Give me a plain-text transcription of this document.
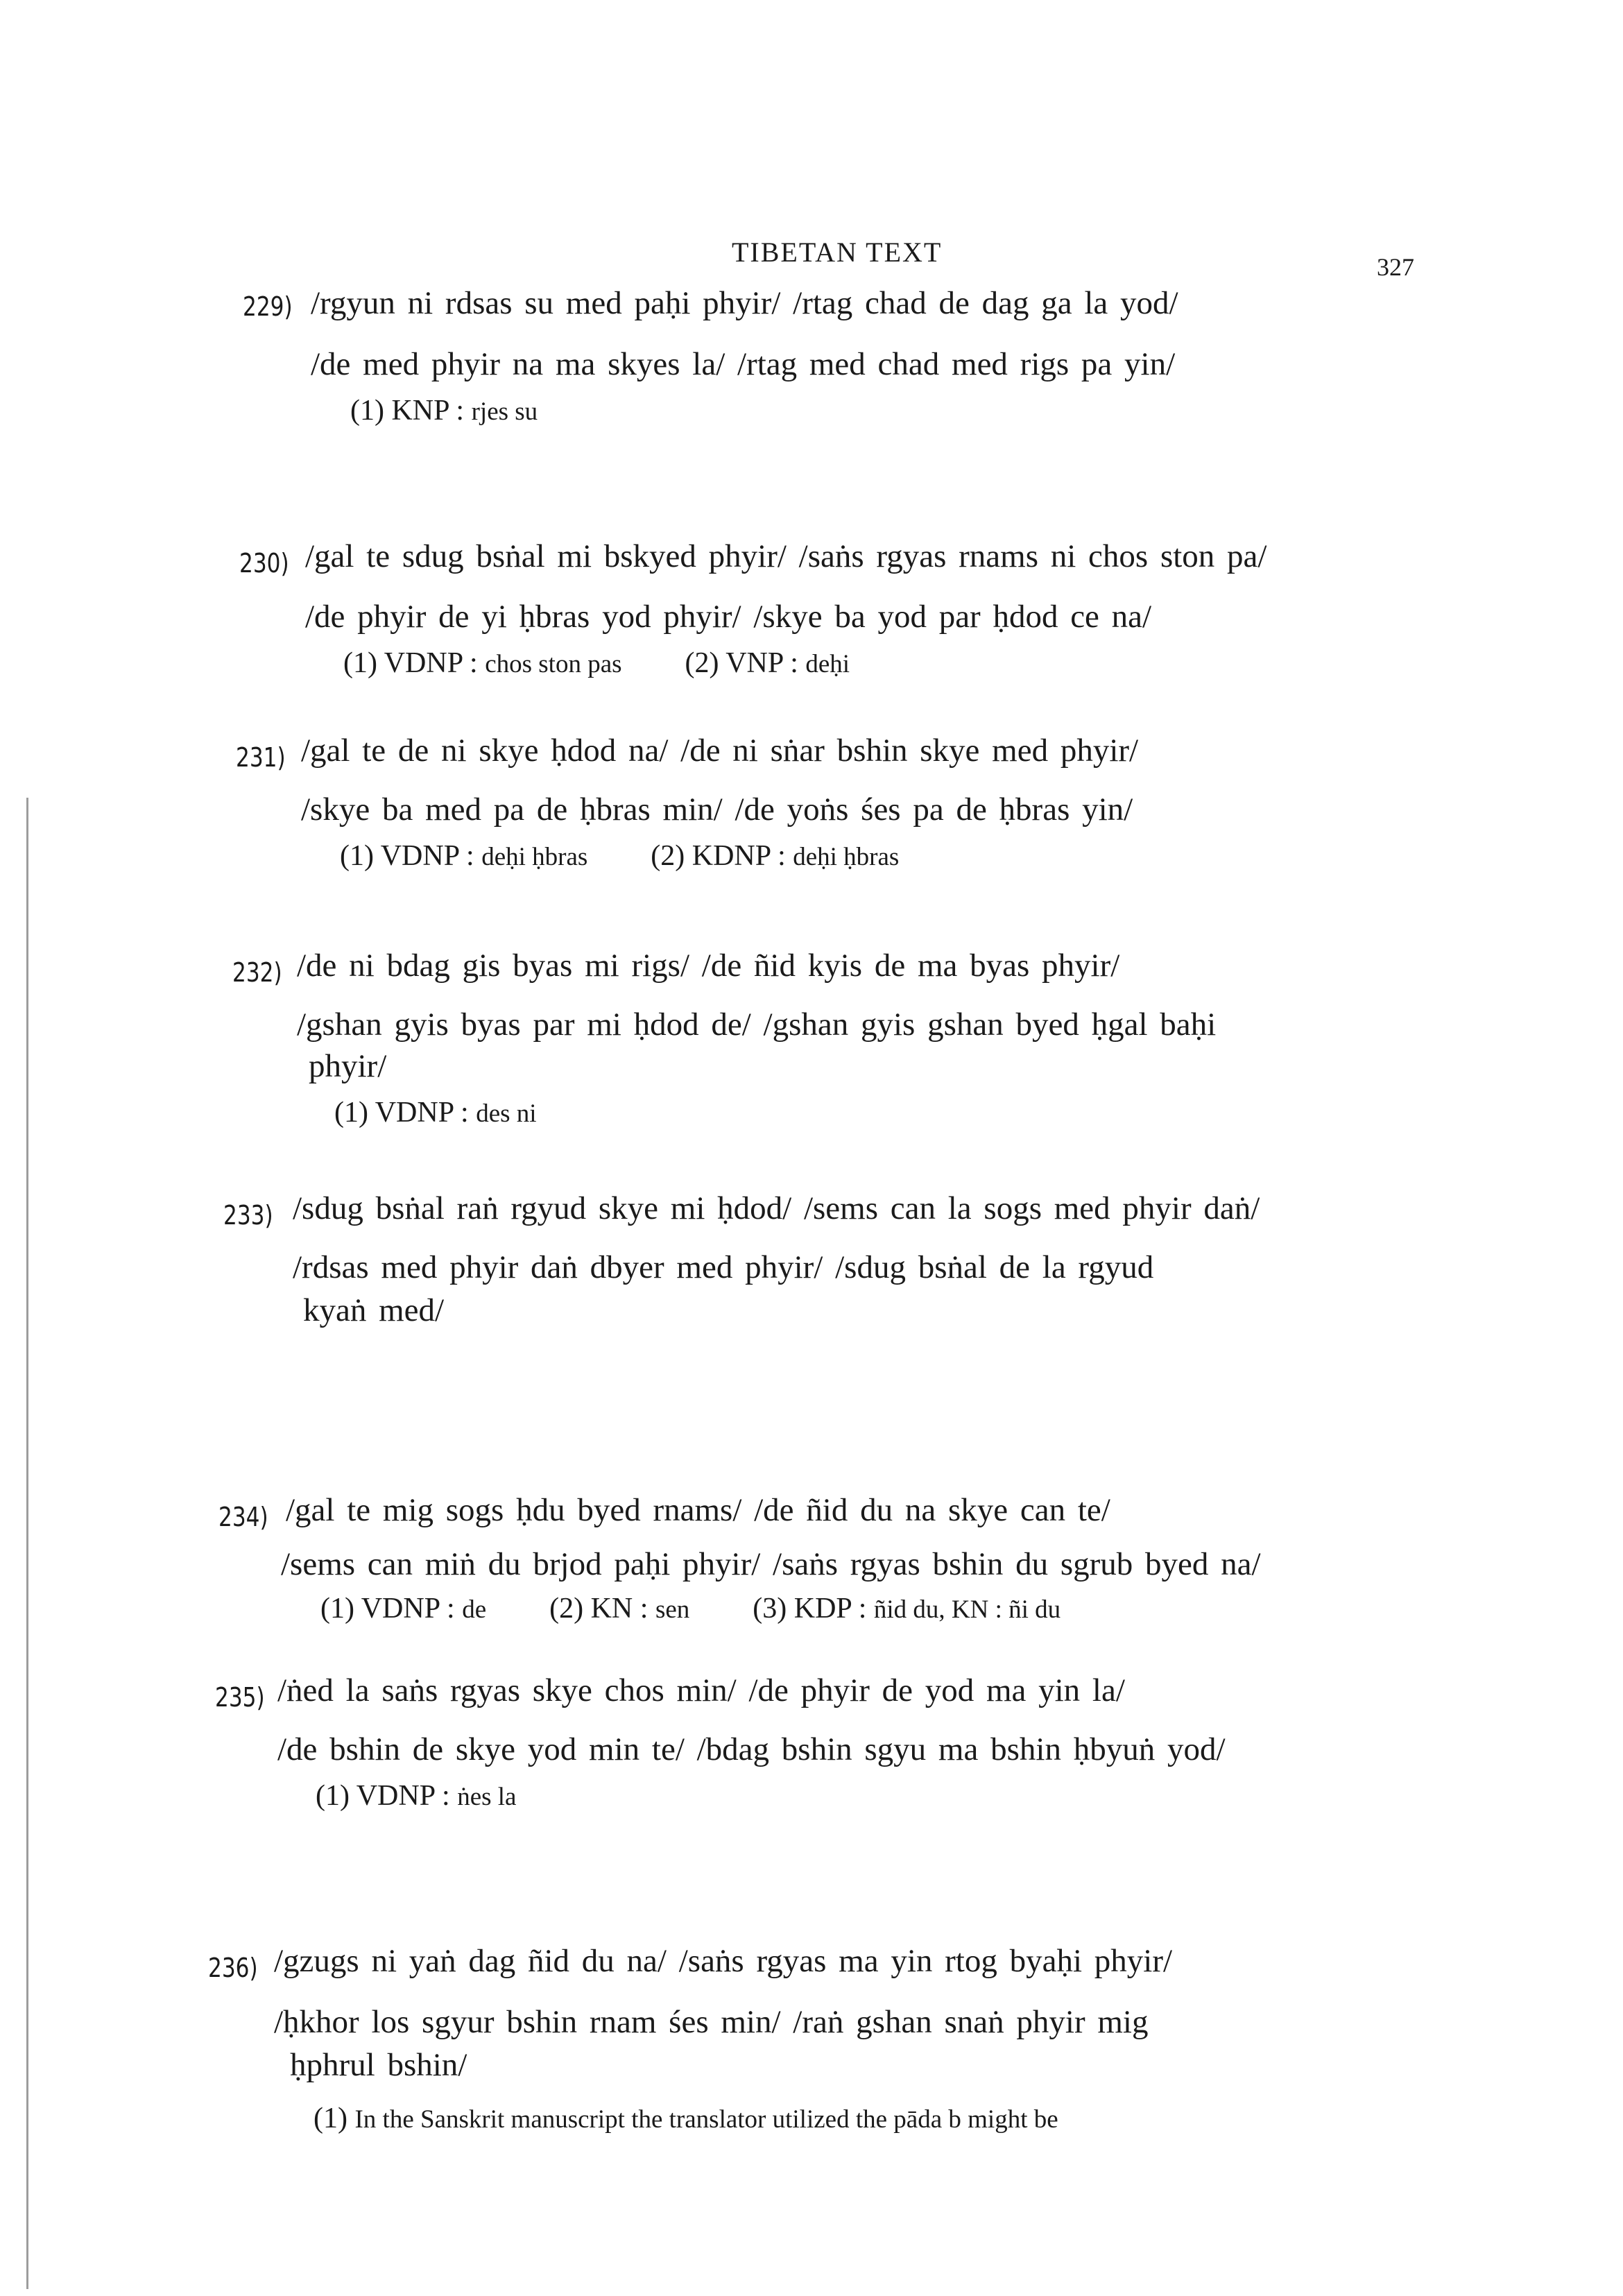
TIBETAN TEXT	327
229) /rgyun ni rdsas su med paḥi phyir/ /rtag chad de dag ga la yod/
/de med phyir na ma skyes la/ /rtag med chad med rigs pa yin/
(1) KNP : rjes su
230) /gal te sdug bsṅal mi bskyed phyir/ /saṅs rgyas rnams ni chos ston pa/
/de phyir de yi ḥbras yod phyir/ /skye ba yod par ḥdod ce na/
(1) VDNP : chos ston pas (2) VNP : deḥi
231) /gal te de ni skye ḥdod na/ /de ni sṅar bshin skye med phyir/
/skye ba med pa de ḥbras min/ /de yoṅs śes pa de ḥbras yin/
(1) VDNP : deḥi ḥbras (2) KDNP : deḥi ḥbras
232) /de ni bdag gis byas mi rigs/ /de ñid kyis de ma byas phyir/
/gshan gyis byas par mi ḥdod de/ /gshan gyis gshan byed ḥgal baḥi
phyir/
(1) VDNP : des ni
233) /sdug bsṅal raṅ rgyud skye mi ḥdod/ /sems can la sogs med phyir daṅ/
/rdsas med phyir daṅ dbyer med phyir/ /sdug bsṅal de la rgyud
kyaṅ med/
234) /gal te mig sogs ḥdu byed rnams/ /de ñid du na skye can te/
/sems can miṅ du brjod paḥi phyir/ /saṅs rgyas bshin du sgrub byed na/
(1) VDNP : de (2) KN : sen (3) KDP : ñid du, KN : ñi du
235) /ṅed la saṅs rgyas skye chos min/ /de phyir de yod ma yin la/
/de bshin de skye yod min te/ /bdag bshin sgyu ma bshin ḥbyuṅ yod/
(1) VDNP : ṅes la
236) /gzugs ni yaṅ dag ñid du na/ /saṅs rgyas ma yin rtog byaḥi phyir/
/ḥkhor los sgyur bshin rnam śes min/ /raṅ gshan snaṅ phyir mig
ḥphrul bshin/
(1) In the Sanskrit manuscript the translator utilized the pāda b might be
